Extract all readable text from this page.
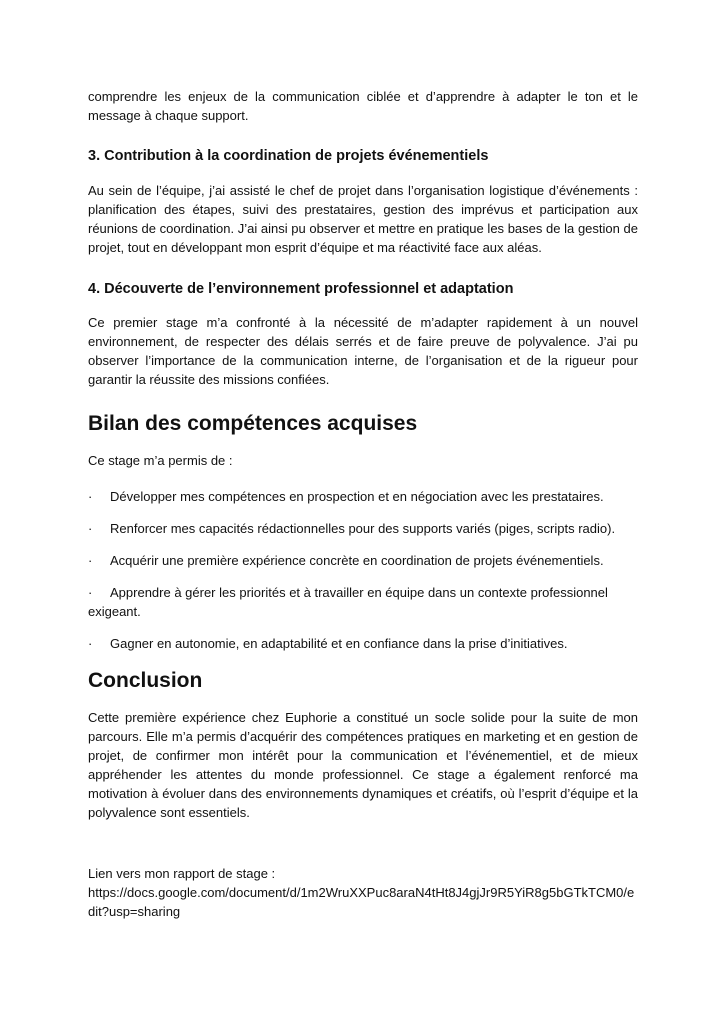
comprendre les enjeux de la communication ciblée et d’apprendre à adapter le ton et le message à chaque support.

3. Contribution à la coordination de projets événementiels

Au sein de l’équipe, j’ai assisté le chef de projet dans l’organisation logistique d’événements : planification des étapes, suivi des prestataires, gestion des imprévus et participation aux réunions de coordination. J’ai ainsi pu observer et mettre en pratique les bases de la gestion de projet, tout en développant mon esprit d’équipe et ma réactivité face aux aléas.

4. Découverte de l’environnement professionnel et adaptation

Ce premier stage m’a confronté à la nécessité de m’adapter rapidement à un nouvel environnement, de respecter des délais serrés et de faire preuve de polyvalence. J’ai pu observer l’importance de la communication interne, de l’organisation et de la rigueur pour garantir la réussite des missions confiées.

Bilan des compétences acquises

Ce stage m’a permis de :

· Développer mes compétences en prospection et en négociation avec les prestataires.
· Renforcer mes capacités rédactionnelles pour des supports variés (piges, scripts radio).
· Acquérir une première expérience concrète en coordination de projets événementiels.
· Apprendre à gérer les priorités et à travailler en équipe dans un contexte professionnel exigeant.
· Gagner en autonomie, en adaptabilité et en confiance dans la prise d’initiatives.
Conclusion

Cette première expérience chez Euphorie a constitué un socle solide pour la suite de mon parcours. Elle m’a permis d’acquérir des compétences pratiques en marketing et en gestion de projet, de confirmer mon intérêt pour la communication et l’événementiel, et de mieux appréhender les attentes du monde professionnel. Ce stage a également renforcé ma motivation à évoluer dans des environnements dynamiques et créatifs, où l’esprit d’équipe et la polyvalence sont essentiels.

Lien vers mon rapport de stage :

https://docs.google.com/document/d/1m2WruXXPuc8araN4tHt8J4gjJr9R5YiR8g5bGTkTCM0/edit?usp=sharing
